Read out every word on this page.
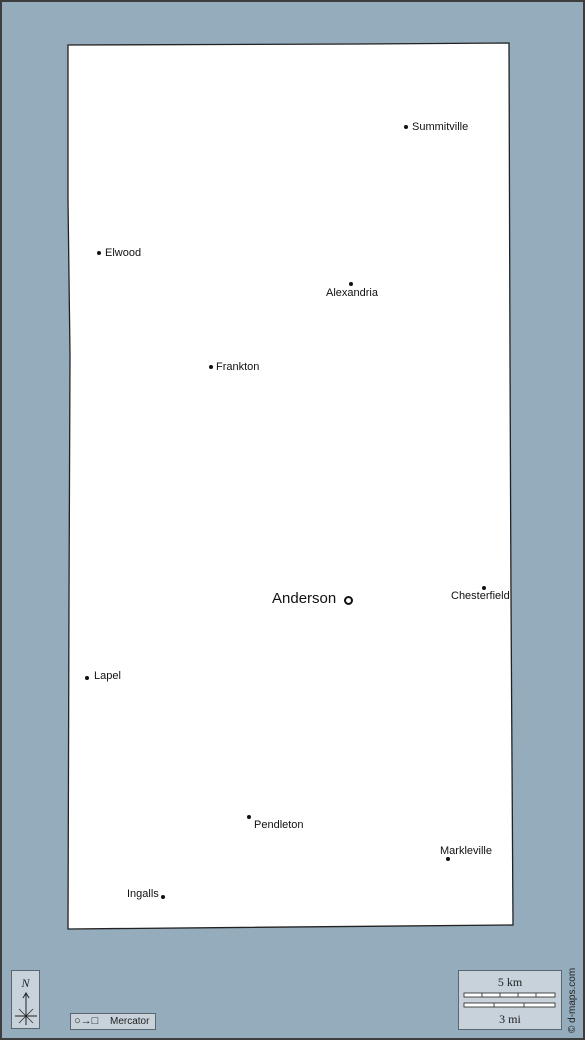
Summitville
Elwood
Alexandria
Frankton
Anderson	Chesterfield
Lapel
Pendleton
Markleville
Ingalls
N
○→□ Mercator
5 km
3 mi	© d-maps.com
